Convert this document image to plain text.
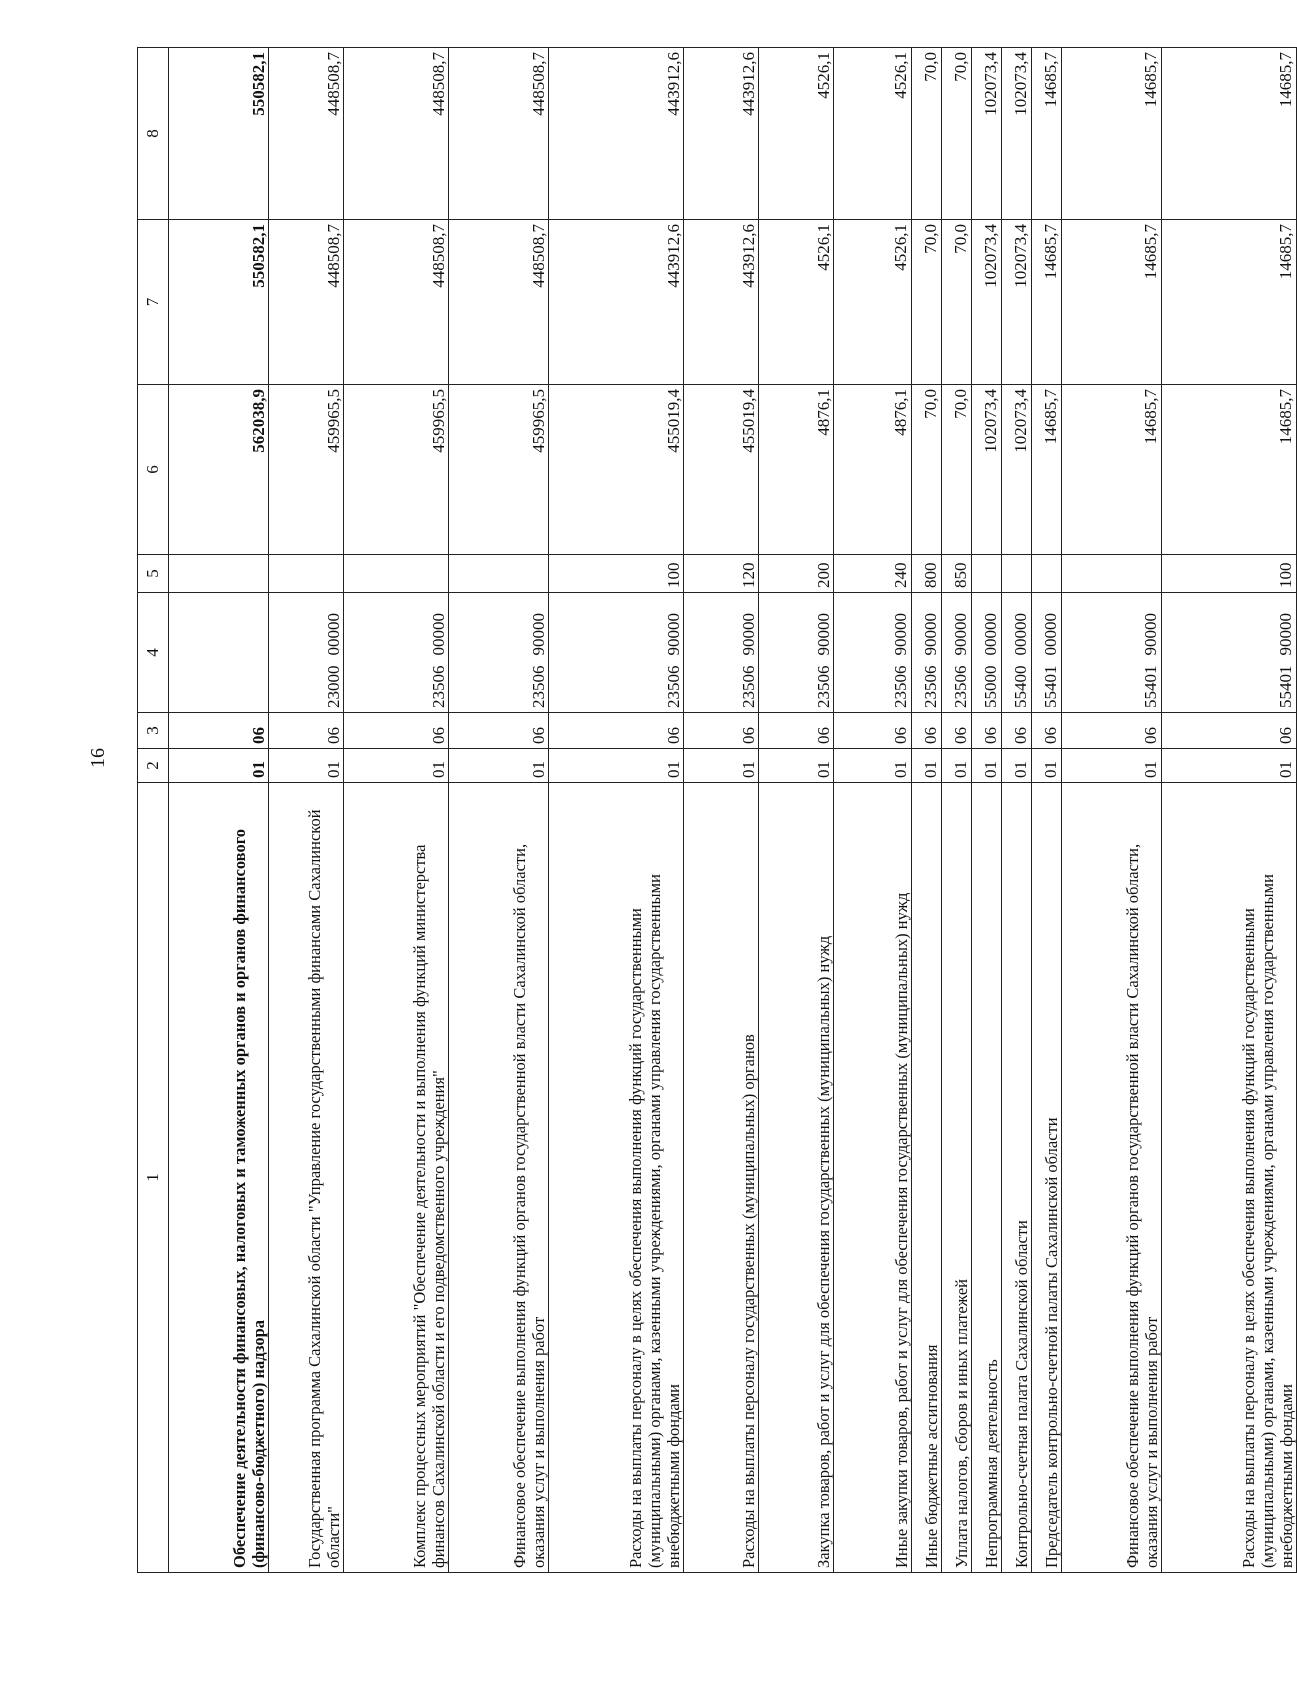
16
1	2	3	4	5	6	7	8
Обеспечение деятельности финансовых, налоговых и таможенных органов и органов финансового (финансово-бюджетного) надзора	01	06			562038,9	550582,1	550582,1
Государственная программа Сахалинской области "Управление государственными финансами Сахалинской области"	01	06	2300000000		459965,5	448508,7	448508,7
Комплекс процессных мероприятий "Обеспечение деятельности и выполнения функций министерства финансов Сахалинской области и его подведомственного учреждения"	01	06	2350600000		459965,5	448508,7	448508,7
Финансовое обеспечение выполнения функций органов государственной власти Сахалинской области, оказания услуг и выполнения работ	01	06	2350690000		459965,5	448508,7	448508,7
Расходы на выплаты персоналу в целях обеспечения выполнения функций государственными (муниципальными) органами, казенными учреждениями, органами управления государственными внебюджетными фондами	01	06	2350690000	100	455019,4	443912,6	443912,6
Расходы на выплаты персоналу государственных (муниципальных) органов	01	06	2350690000	120	455019,4	443912,6	443912,6
Закупка товаров, работ и услуг для обеспечения государственных (муниципальных) нужд	01	06	2350690000	200	4876,1	4526,1	4526,1
Иные закупки товаров, работ и услуг для обеспечения государственных (муниципальных) нужд	01	06	2350690000	240	4876,1	4526,1	4526,1
Иные бюджетные ассигнования	01	06	2350690000	800	70,0	70,0	70,0
Уплата налогов, сборов и иных платежей	01	06	2350690000	850	70,0	70,0	70,0
Непрограммная деятельность	01	06	5500000000		102073,4	102073,4	102073,4
Контрольно-счетная палата Сахалинской области	01	06	5540000000		102073,4	102073,4	102073,4
Председатель контрольно-счетной палаты Сахалинской области	01	06	5540100000		14685,7	14685,7	14685,7
Финансовое обеспечение выполнения функций органов государственной власти Сахалинской области, оказания услуг и выполнения работ	01	06	5540190000		14685,7	14685,7	14685,7
Расходы на выплаты персоналу в целях обеспечения выполнения функций государственными (муниципальными) органами, казенными учреждениями, органами управления государственными внебюджетными фондами	01	06	5540190000	100	14685,7	14685,7	14685,7
